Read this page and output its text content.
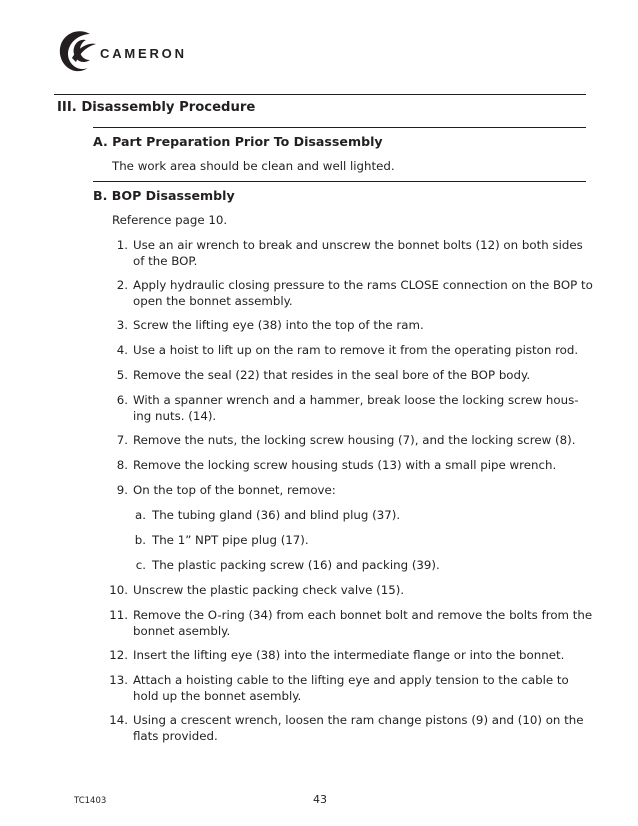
CAMERON
III. Disassembly Procedure
A. Part Preparation Prior To Disassembly
The work area should be clean and well lighted.
B. BOP Disassembly
Reference page 10.
1. Use an air wrench to break and unscrew the bonnet bolts (12) on both sides of the BOP.
2. Apply hydraulic closing pressure to the rams CLOSE connection on the BOP to open the bonnet assembly.
3. Screw the lifting eye (38) into the top of the ram.
4. Use a hoist to lift up on the ram to remove it from the operating piston rod.
5. Remove the seal (22) that resides in the seal bore of the BOP body.
6. With a spanner wrench and a hammer, break loose the locking screw hous-ing nuts. (14).
7. Remove the nuts, the locking screw housing (7), and the locking screw (8).
8. Remove the locking screw housing studs (13) with a small pipe wrench.
9. On the top of the bonnet, remove:
a. The tubing gland (36) and blind plug (37).
b. The 1” NPT pipe plug (17).
c. The plastic packing screw (16) and packing (39).
10. Unscrew the plastic packing check valve (15).
11. Remove the O-ring (34) from each bonnet bolt and remove the bolts from the bonnet asembly.
12. Insert the lifting eye (38) into the intermediate flange or into the bonnet.
13. Attach a hoisting cable to the lifting eye and apply tension to the cable to hold up the bonnet asembly.
14. Using a crescent wrench, loosen the ram change pistons (9) and (10) on the flats provided.
TC1403	43
